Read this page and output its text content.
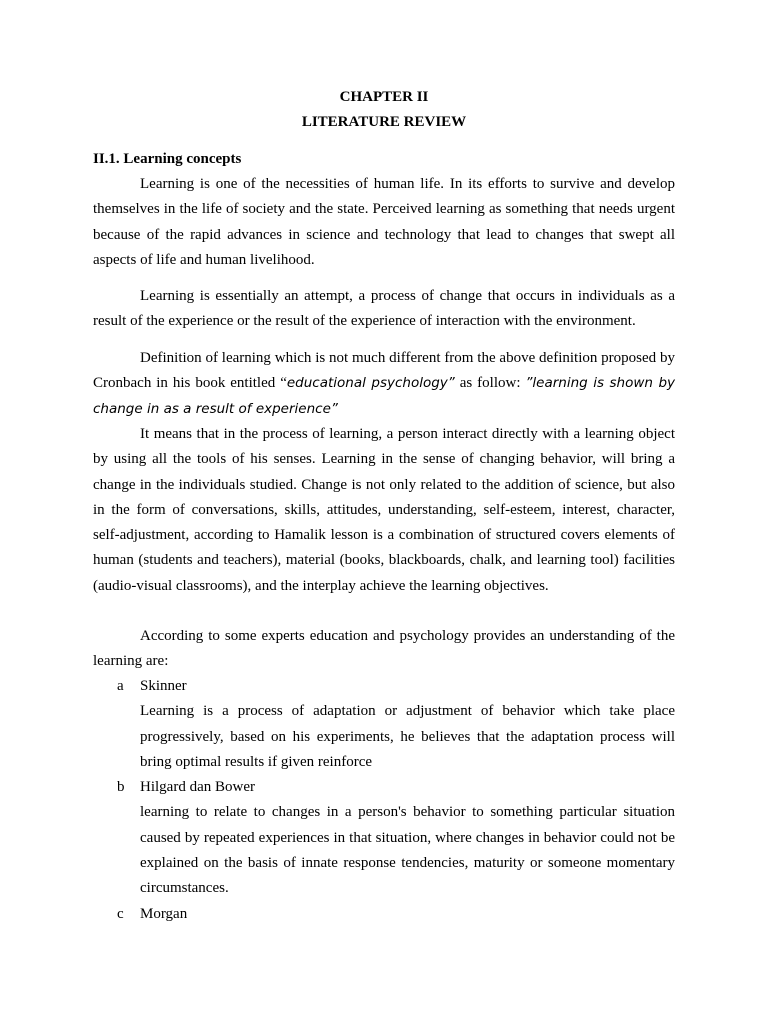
CHAPTER II
LITERATURE REVIEW
II.1. Learning concepts

Learning is one of the necessities of human life. In its efforts to survive and develop themselves in the life of society and the state. Perceived learning as something that needs urgent because of the rapid advances in science and technology that lead to changes that swept all aspects of life and human livelihood.

Learning is essentially an attempt, a process of change that occurs in individuals as a result of the experience or the result of the experience of interaction with the environment.

Definition of learning which is not much different from the above definition proposed by Cronbach in his book entitled “educational psychology” as follow: ”learning is shown by change in as a result of experience”

It means that in the process of learning, a person interact directly with a learning object by using all the tools of his senses. Learning in the sense of changing behavior, will bring a change in the individuals studied. Change is not only related to the addition of science, but also in the form of conversations, skills, attitudes, understanding, self-esteem, interest, character, self-adjustment, according to Hamalik lesson is a combination of structured covers elements of human (students and teachers), material (books, blackboards, chalk, and learning tool) facilities (audio-visual classrooms), and the interplay achieve the learning objectives.

According to some experts education and psychology provides an understanding of the learning are:

a Skinner
Learning is a process of adaptation or adjustment of behavior which take place progressively, based on his experiments, he believes that the adaptation process will bring optimal results if given reinforce
b Hilgard dan Bower
learning to relate to changes in a person's behavior to something particular situation caused by repeated experiences in that situation, where changes in behavior could not be explained on the basis of innate response tendencies, maturity or someone momentary circumstances.
c Morgan
